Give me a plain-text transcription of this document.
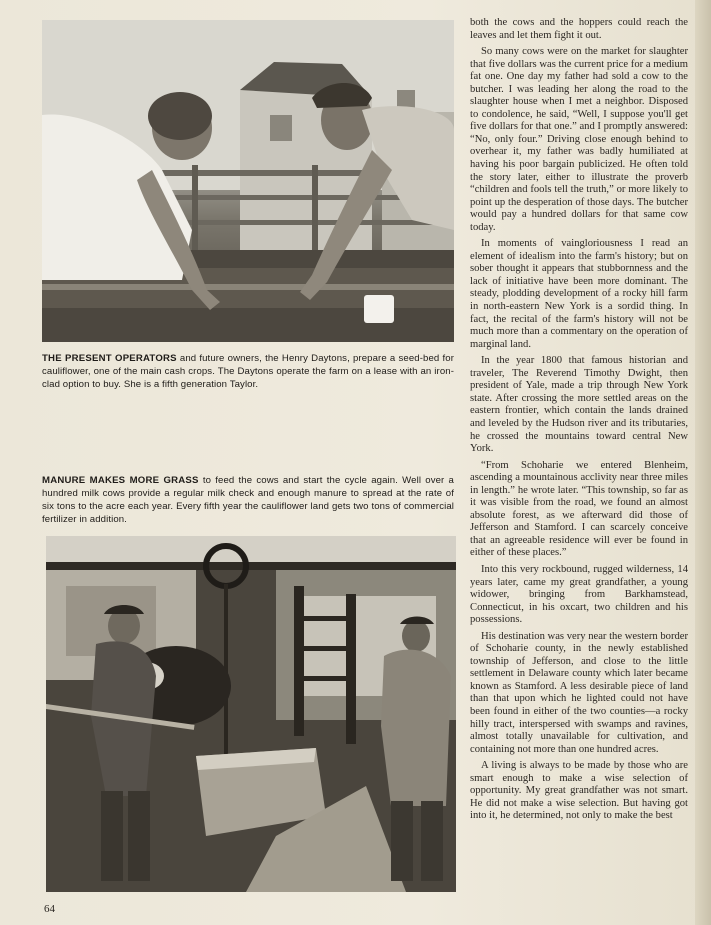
THE PRESENT OPERATORS and future owners, the Henry Daytons, prepare a seed-bed for cauliflower, one of the main cash crops. The Daytons operate the farm on a lease with an iron-clad option to buy. She is a fifth generation Taylor.
MANURE MAKES MORE GRASS to feed the cows and start the cycle again. Well over a hundred milk cows provide a regular milk check and enough manure to spread at the rate of six tons to the acre each year. Every fifth year the cauliflower land gets two tons of commercial fertilizer in addition.

both the cows and the hoppers could reach the leaves and let them fight it out.

So many cows were on the market for slaughter that five dollars was the current price for a medium fat one. One day my father had sold a cow to the butcher. I was leading her along the road to the slaughter house when I met a neighbor. Disposed to condolence, he said, “Well, I suppose you'll get five dollars for that one.” and I promptly answered: “No, only four.” Driving close enough behind to overhear it, my father was badly humiliated at having his poor bargain publicized. He often told the story later, either to illustrate the proverb “children and fools tell the truth,” or more likely to point up the desperation of those days. The butcher would pay a hundred dollars for that same cow today.

In moments of vaingloriousness I read an element of idealism into the farm's history; but on sober thought it appears that stubbornness and the lack of initiative have been more dominant. The steady, plodding development of a rocky hill farm in north-eastern New York is a sordid thing. In fact, the recital of the farm's history will not be much more than a commentary on the operation of marginal land.

In the year 1800 that famous historian and traveler, The Reverend Timothy Dwight, then president of Yale, made a trip through New York state. After crossing the more settled areas on the eastern frontier, which contain the lands drained and leveled by the Hudson river and its tributaries, he crossed the mountains toward central New York.

“From Schoharie we entered Blenheim, ascending a mountainous acclivity near three miles in length.” he wrote later. “This township, so far as it was visible from the road, we found an almost absolute forest, as we afterward did those of Jefferson and Stamford. I can scarcely conceive that an agreeable residence will ever be found in either of these places.”

Into this very rockbound, rugged wilderness, 14 years later, came my great grandfather, a young widower, bringing from Barkhamstead, Connecticut, in his oxcart, two children and his possessions.

His destination was very near the western border of Schoharie county, in the newly established township of Jefferson, and close to the little settlement in Delaware county which later became known as Stamford. A less desirable piece of land than that upon which he lighted could not have been found in either of the two counties—a rocky hilly tract, interspersed with swamps and ravines, almost totally unavailable for cultivation, and containing not more than one hundred acres.

A living is always to be made by those who are smart enough to make a wise selection of opportunity. My great grandfather was not smart. He did not make a wise selection. But having got into it, he determined, not only to make the best

64
